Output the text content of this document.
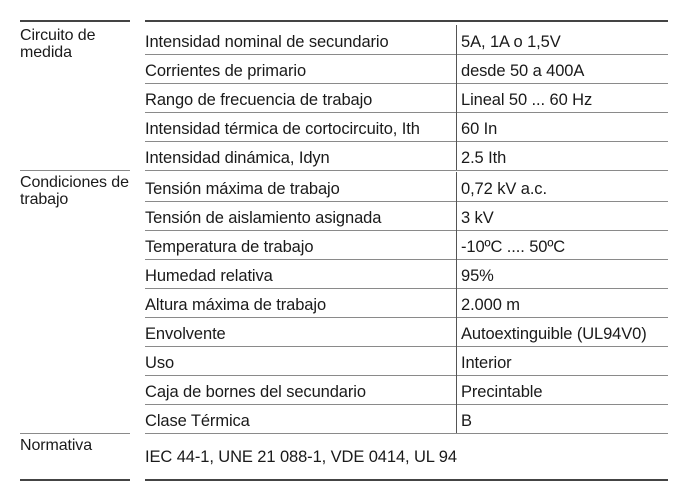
Circuito de medida
Intensidad nominal de secundario	5A, 1A o 1,5V
Corrientes de primario	desde 50 a 400A
Rango de frecuencia de trabajo	Lineal 50 ... 60 Hz
Intensidad térmica de cortocircuito, Ith 60 In
Intensidad dinámica, Idyn	2.5 Ith
Condiciones de trabajo
Tensión máxima de trabajo	0,72 kV a.c.
Tensión de aislamiento asignada	3 kV
Temperatura de trabajo	-10ºC .... 50ºC
Humedad relativa	95%
Altura máxima de trabajo	2.000 m
Envolvente	Autoextinguible (UL94V0)
Uso	Interior
Caja de bornes del secundario	Precintable
Clase Térmica	B
Normativa
IEC 44-1, UNE 21 088-1, VDE 0414, UL 94
